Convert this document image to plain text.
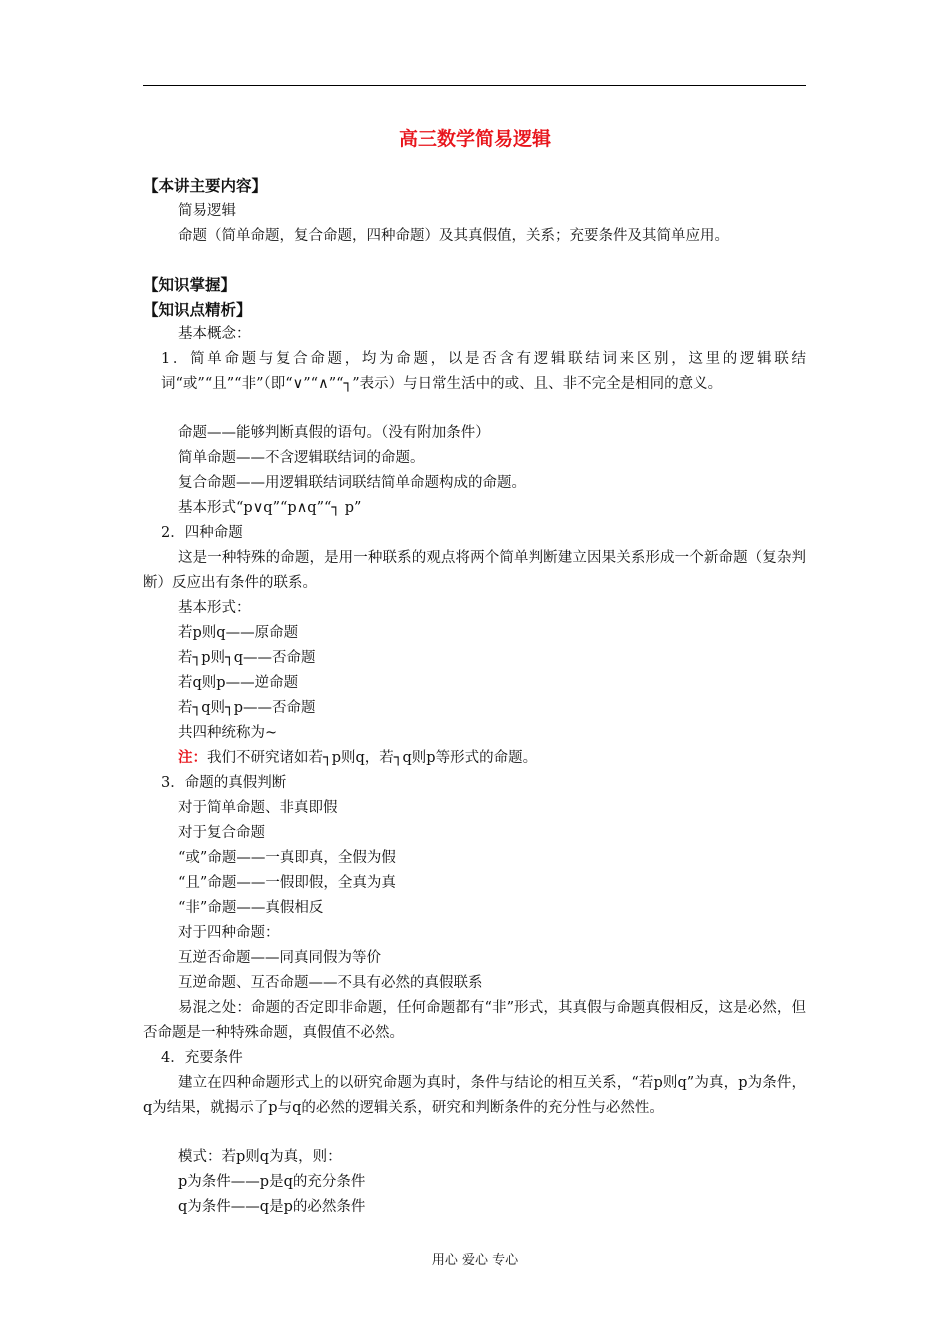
高三数学简易逻辑
【本讲主要内容】
简易逻辑
命题（简单命题，复合命题，四种命题）及其真假值，关系；充要条件及其简单应用。
【知识掌握】
【知识点精析】
基本概念：
1．简单命题与复合命题，均为命题，以是否含有逻辑联结词来区别，这里的逻辑联结词“或”“且”“非”（即“∨”“∧”“┐”表示）与日常生活中的或、且、非不完全是相同的意义。
命题——能够判断真假的语句。（没有附加条件）
简单命题——不含逻辑联结词的命题。
复合命题——用逻辑联结词联结简单命题构成的命题。
基本形式“p∨q”“p∧q”“┐ p”
2．四种命题
这是一种特殊的命题，是用一种联系的观点将两个简单判断建立因果关系形成一个新命题（复杂判断）反应出有条件的联系。
基本形式：
若p则q——原命题
若┐p则┐q——否命题
若q则p——逆命题
若┐q则┐p——否命题
共四种统称为~
注：我们不研究诸如若┐p则q，若┐q则p等形式的命题。
3．命题的真假判断
对于简单命题、非真即假
对于复合命题
“或”命题——一真即真，全假为假
“且”命题——一假即假，全真为真
“非”命题——真假相反
对于四种命题：
互逆否命题——同真同假为等价
互逆命题、互否命题——不具有必然的真假联系
易混之处：命题的否定即非命题，任何命题都有“非”形式，其真假与命题真假相反，这是必然，但否命题是一种特殊命题，真假值不必然。
4．充要条件
建立在四种命题形式上的以研究命题为真时，条件与结论的相互关系，“若p则q”为真，p为条件，q为结果，就揭示了p与q的必然的逻辑关系，研究和判断条件的充分性与必然性。
模式：若p则q为真，则：
p为条件——p是q的充分条件
q为条件——q是p的必然条件
用心 爱心 专心
